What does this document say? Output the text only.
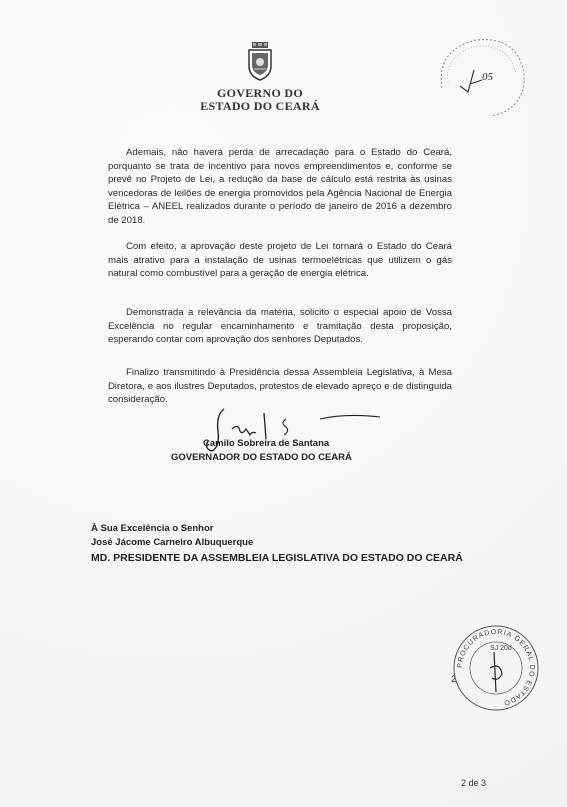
GOVERNO DO
ESTADO DO CEARÁ
05

Ademais, não haverá perda de arrecadação para o Estado do Ceará, porquanto se trata de incentivo para novos empreendimentos e, conforme se prevê no Projeto de Lei, a redução da base de cálculo está restrita às usinas vencedoras de leilões de energia promovidos pela Agência Nacional de Energia Elétrica – ANEEL realizados durante o período de janeiro de 2016 a dezembro de 2018.

Com efeito, a aprovação deste projeto de Lei tornará o Estado do Ceará mais atrativo para a instalação de usinas termoelétricas que utilizem o gás natural como combustível para a geração de energia elétrica.

Demonstrada a relevância da matéria, solicito o especial apoio de Vossa Excelência no regular encaminhamento e tramitação desta proposição, esperando contar com aprovação dos senhores Deputados.

Finalizo transmitindo à Presidência dessa Assembleia Legislativa, à Mesa Diretora, e aos ilustres Deputados, protestos de elevado apreço e de distinguida consideração.

Camilo Sobreira de Santana
GOVERNADOR DO ESTADO DO CEARÁ
À Sua Excelência o Senhor
José Jácome Carneiro Albuquerque
MD. PRESIDENTE DA ASSEMBLEIA LEGISLATIVA DO ESTADO DO CEARÁ
PROCURADORIA GERAL DO ESTADO
SJ 20d
2
2 de 3
